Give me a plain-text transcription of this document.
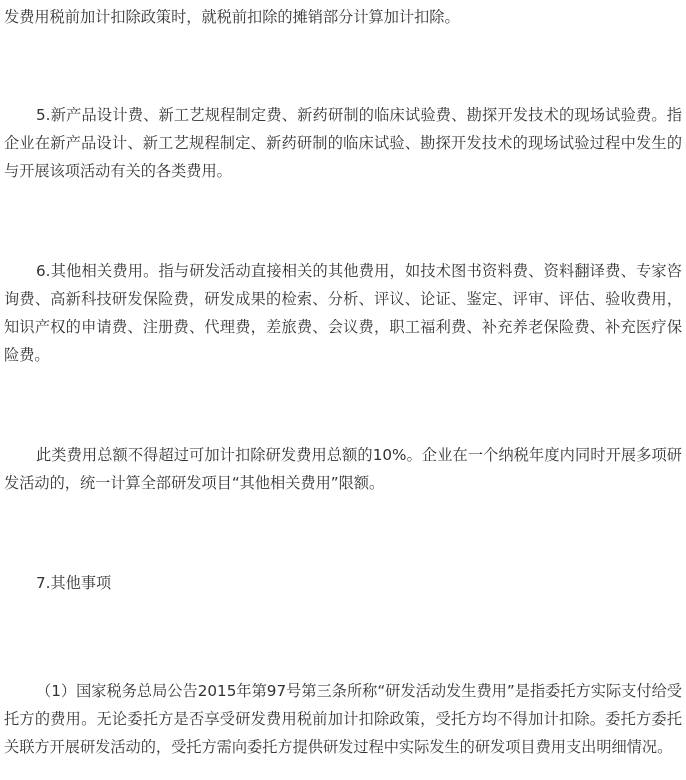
发费用税前加计扣除政策时，就税前扣除的摊销部分计算加计扣除。

5.新产品设计费、新工艺规程制定费、新药研制的临床试验费、勘探开发技术的现场试验费。指企业在新产品设计、新工艺规程制定、新药研制的临床试验、勘探开发技术的现场试验过程中发生的与开展该项活动有关的各类费用。

6.其他相关费用。指与研发活动直接相关的其他费用，如技术图书资料费、资料翻译费、专家咨询费、高新科技研发保险费，研发成果的检索、分析、评议、论证、鉴定、评审、评估、验收费用，知识产权的申请费、注册费、代理费，差旅费、会议费，职工福利费、补充养老保险费、补充医疗保险费。

此类费用总额不得超过可加计扣除研发费用总额的10%。企业在一个纳税年度内同时开展多项研发活动的，统一计算全部研发项目“其他相关费用”限额。

7.其他事项

（1）国家税务总局公告2015年第97号第三条所称“研发活动发生费用”是指委托方实际支付给受托方的费用。无论委托方是否享受研发费用税前加计扣除政策，受托方均不得加计扣除。委托方委托关联方开展研发活动的，受托方需向委托方提供研发过程中实际发生的研发项目费用支出明细情况。
